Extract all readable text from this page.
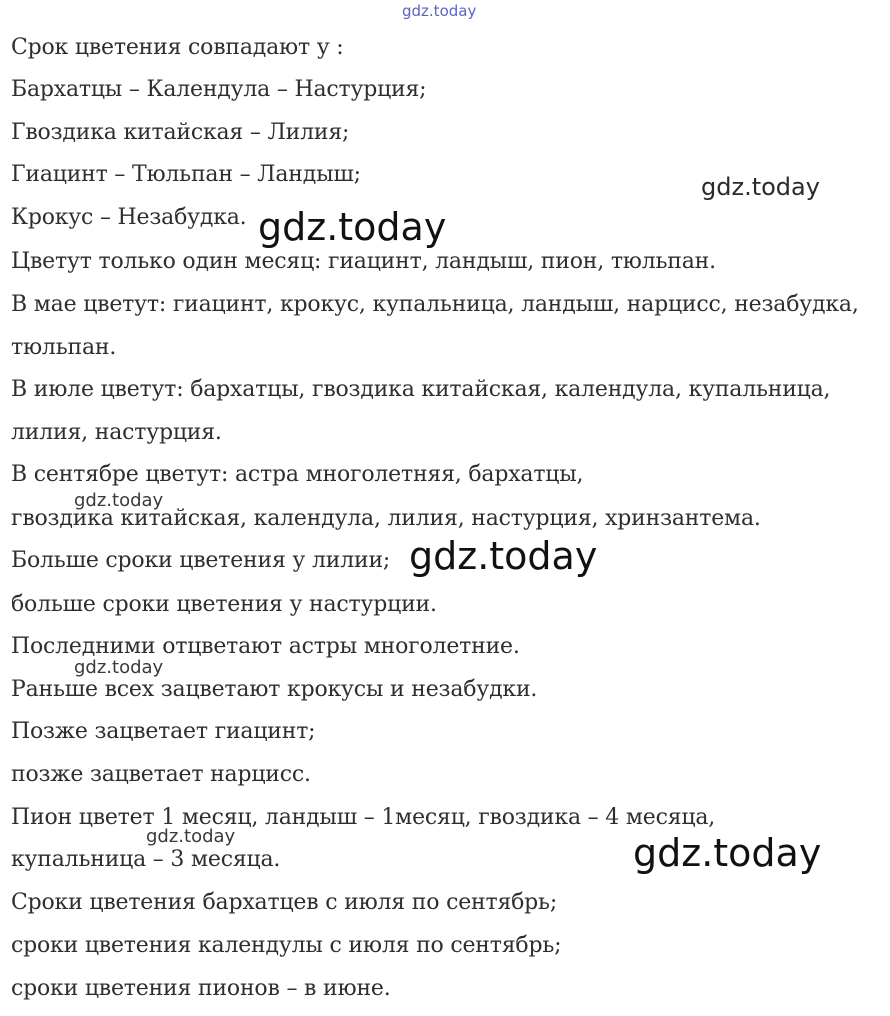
gdz.today
Срок цветения совпадают у :
Бархатцы – Календула – Настурция;
Гвоздика китайская – Лилия;
Гиацинт – Тюльпан – Ландыш;
Крокус – Незабудка.
Цветут только один месяц: гиацинт, ландыш, пион, тюльпан.
В мае цветут: гиацинт, крокус, купальница, ландыш, нарцисс, незабудка,
тюльпан.
В июле цветут: бархатцы, гвоздика китайская, календула, купальница,
лилия, настурция.
В сентябре цветут: астра многолетняя, бархатцы,
гвоздика китайская, календула, лилия, настурция, хринзантема.
Больше сроки цветения у лилии;
больше сроки цветения у настурции.
Последними отцветают астры многолетние.
Раньше всех зацветают крокусы и незабудки.
Позже зацветает гиацинт;
позже зацветает нарцисс.
Пион цветет 1 месяц, ландыш – 1месяц, гвоздика – 4 месяца,
купальница – 3 месяца.
Сроки цветения бархатцев с июля по сентябрь;
сроки цветения календулы с июля по сентябрь;
сроки цветения пионов – в июне.
gdz.today
gdz.today
gdz.today
gdz.today
gdz.today
gdz.today	gdz.today
